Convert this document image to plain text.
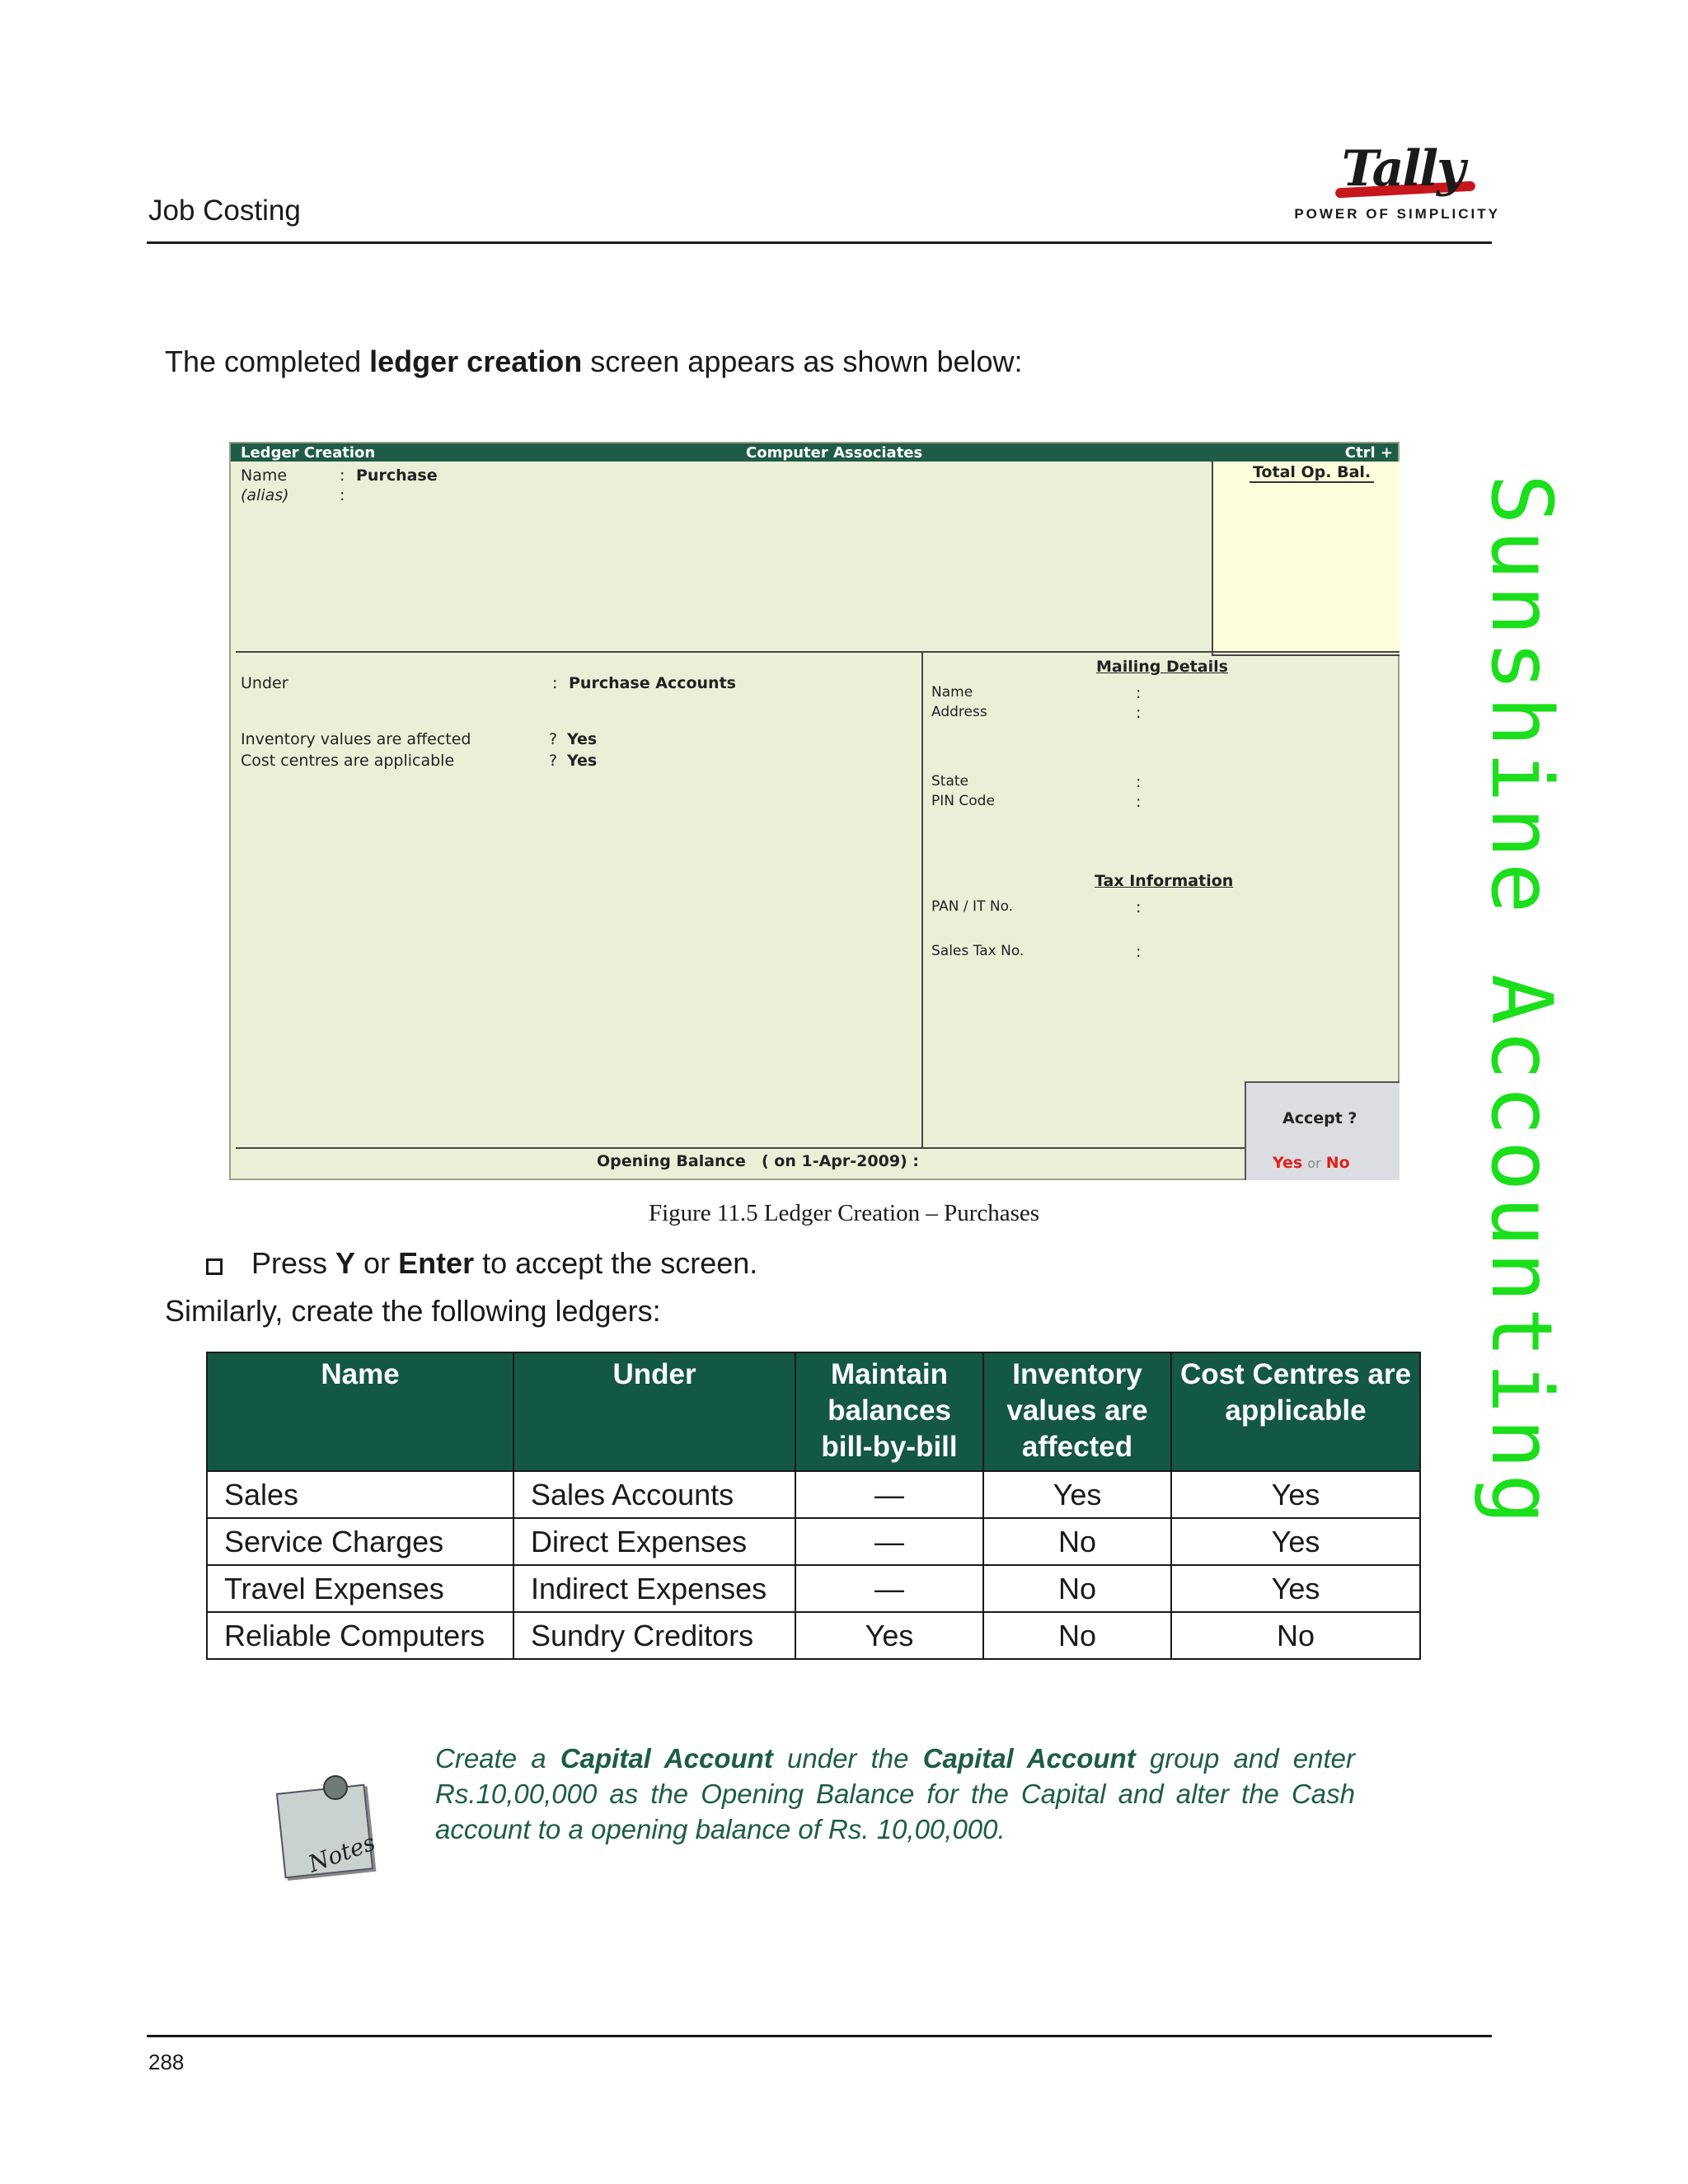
Job Costing
Tally
POWER OF SIMPLICITY
The completed ledger creation screen appears as shown below:
Sunshine Accounting
Ledger Creation	Computer Associates	Ctrl +
Total Op. Bal.
Name	: Purchase
(alias)	:
Under	: Purchase Accounts
Inventory values are affected	? Yes
Cost centres are applicable	? Yes
Mailing Details
Name	:
Address	:
State	:
PIN Code	:
Tax Information
PAN / IT No.	:
Sales Tax No.	:
Opening Balance ( on 1-Apr-2009) :
Accept ?
Yes or No
Figure 11.5 Ledger Creation – Purchases
Press Y or Enter to accept the screen.
Similarly, create the following ledgers:
Name	Under	Maintain balances bill-by-bill	Inventory values are affected	Cost Centres are applicable
Sales	Sales Accounts	—	Yes	Yes
Service Charges	Direct Expenses	—	No	Yes
Travel Expenses	Indirect Expenses	—	No	Yes
Reliable Computers	Sundry Creditors	Yes	No	No
Notes
Create a Capital Account under the Capital Account group and enter Rs.10,00,000 as the Opening Balance for the Capital and alter the Cash account to a opening balance of Rs. 10,00,000.
288
